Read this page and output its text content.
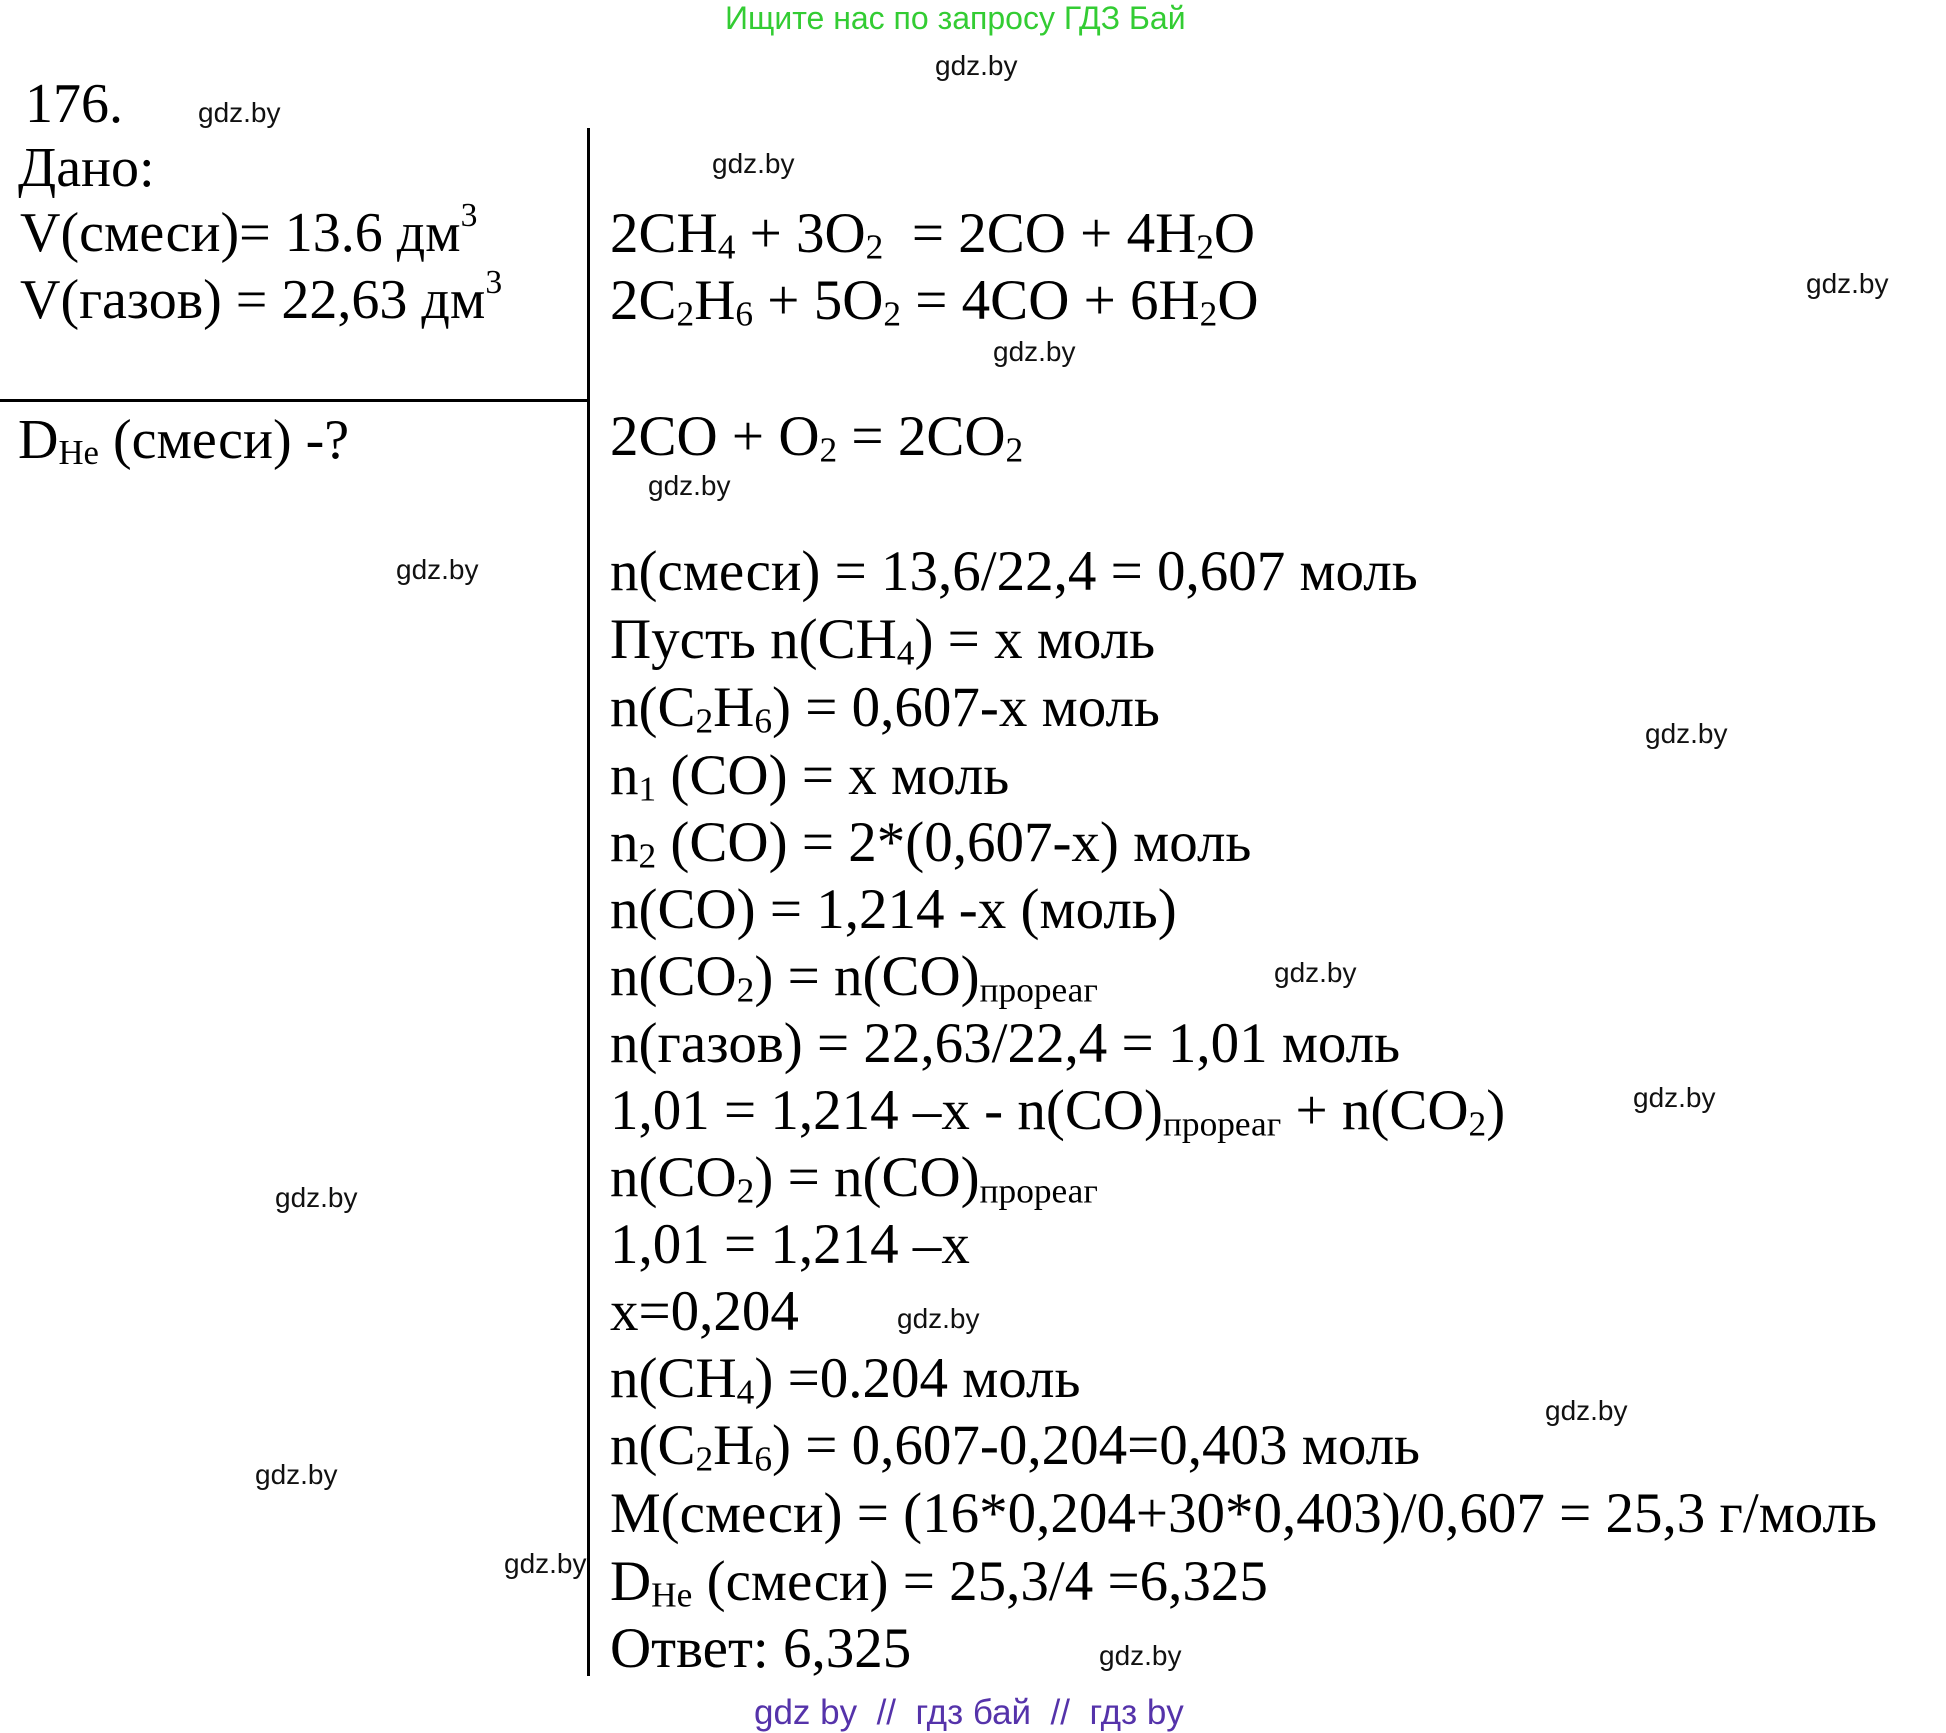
Ищите нас по запросу ГДЗ Бай
176.
Дано:
V(смеси)= 13.6 $дм^3$
V(газов) = 22,63 $дм^3$
$D_{He}$ (смеси) -?
$2CH_4 + 3O_2 = 2CO + 4H_2O$
$2C_2H_6 + 5O_2 = 4CO + 6H_2O$
$2CO + O_2 = 2CO_2$
n(смеси) = 13,6/22,4 = 0,607 моль
Пусть $n(CH_4) = x$ моль
$n(C_2H_6) = 0,607-x$ моль
$n_1$ (CO) = x моль
$n_2$ (CO) = 2*(0,607-x) моль
n(CO) = 1,214 -x (моль)
$n(CO_2) = n(CO)_{прореаг}$
n(газов) = 22,63/22,4 = 1,01 моль
1,01 = 1,214 $-x - n(CO)_{прореаг} + n(CO_2)$
$n(CO_2) = n(CO)_{прореаг}$
1,01 = 1,214 –x
x=0,204
$n(CH_4) =0.204$ моль
$n(C_2H_6) = 0,607-0,204=0,403$ моль
M(смеси) = (16*0,204+30*0,403)/0,607 = 25,3 г/моль
$D_{He}$ (смеси) = 25,3/4 =6,325
Ответ: 6,325
gdz.by
gdz.by
gdz.by
gdz.by
gdz.by
gdz.by
gdz.by
gdz.by
gdz.by
gdz.by
gdz.by
gdz.by
gdz.by
gdz.by
gdz.by
gdz.by
gdz by  //  гдз бай  //  гдз by
